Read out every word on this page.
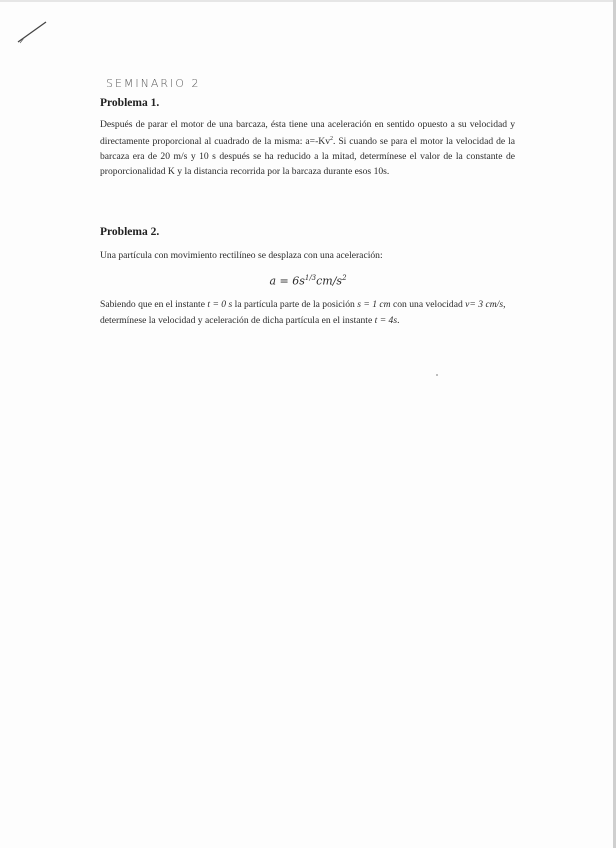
SEMINARIO 2
Problema 1.
Después de parar el motor de una barcaza, ésta tiene una aceleración en sentido opuesto a su velocidad y directamente proporcional al cuadrado de la misma: $a=-Kv^2$. Si cuando se para el motor la velocidad de la barcaza era de 20 m/s y 10 s después se ha reducido a la mitad, determínese el valor de la constante de proporcionalidad K y la distancia recorrida por la barcaza durante esos 10s.
Problema 2.
Una partícula con movimiento rectilíneo se desplaza con una aceleración:
$a = 6s^{1/3}cm/s^2$
Sabiendo que en el instante t = 0 s la partícula parte de la posición s = 1 cm con una velocidad v= 3 cm/s, determínese la velocidad y aceleración de dicha partícula en el instante t = 4s.
